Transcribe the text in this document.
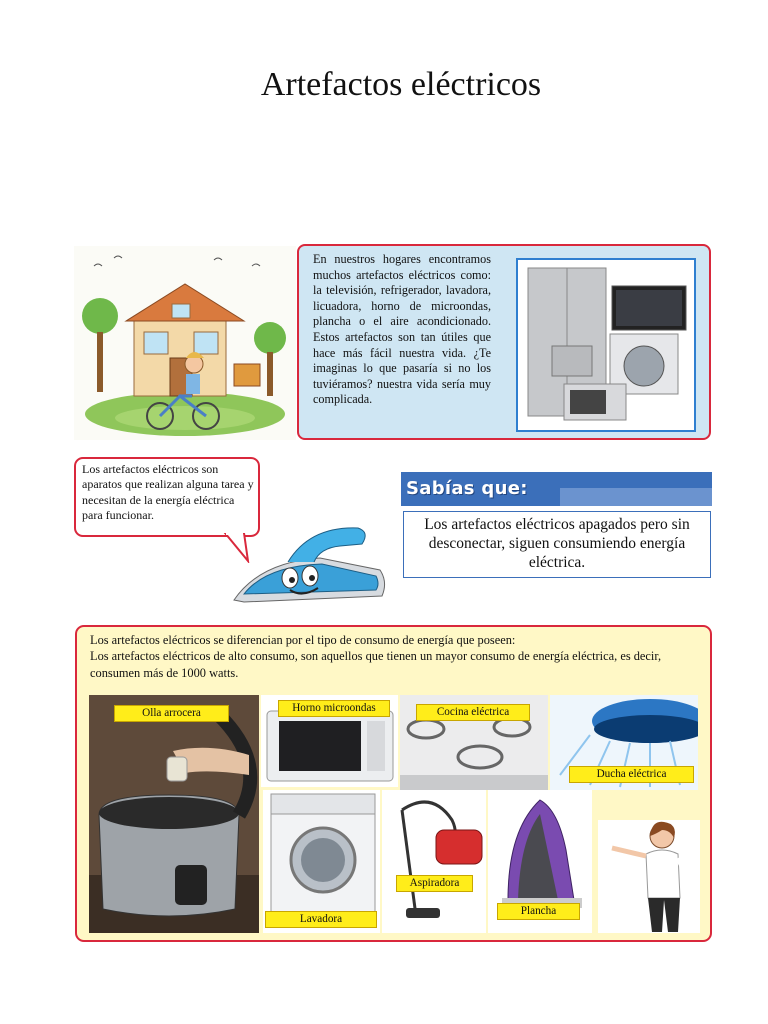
Artefactos eléctricos
En nuestros hogares encontramos muchos artefactos eléctricos como: la televisión, refrigerador, lavadora, licuadora, horno de microondas, plancha o el aire acondicionado. Estos artefactos son tan útiles que hace más fácil nuestra vida. ¿Te imaginas lo que pasaría si no los tuviéramos? nuestra vida sería muy complicada.
Los artefactos eléctricos son aparatos que realizan alguna tarea y necesitan de la energía eléctrica para funcionar.
Sabías que:
Los artefactos eléctricos apagados pero sin desconectar, siguen consumiendo energía eléctrica.
Los artefactos eléctricos se diferencian por el tipo de consumo de energía que poseen:
Los artefactos eléctricos de alto consumo, son aquellos que tienen un mayor consumo de energía eléctrica, es decir, consumen más de 1000 watts.
Olla arrocera	Horno microondas	Cocina eléctrica
Ducha eléctrica
Lavadora
Aspiradora
Plancha
